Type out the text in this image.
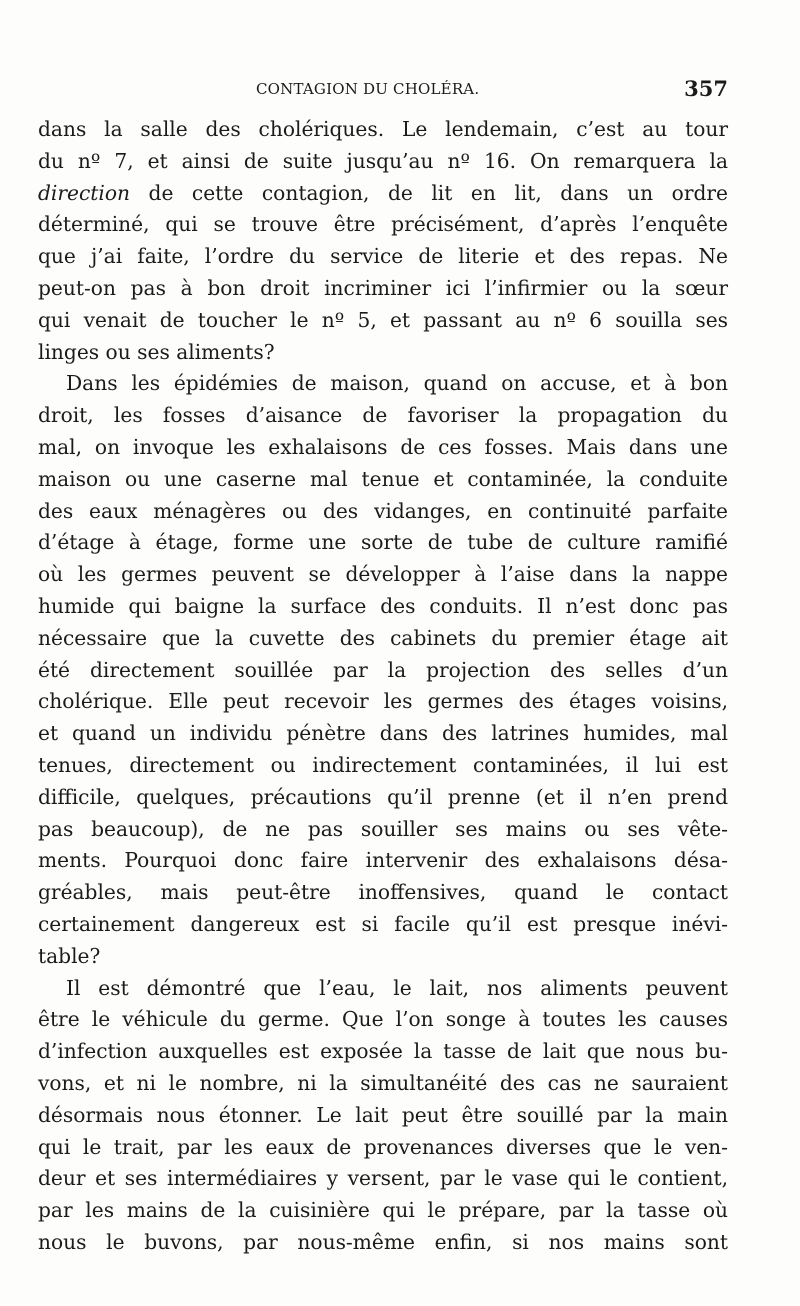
CONTAGION DU CHOLÉRA.	357
dans la salle des cholériques. Le lendemain, c’est au tour
du nº 7, et ainsi de suite jusqu’au nº 16. On remarquera la
direction de cette contagion, de lit en lit, dans un ordre
déterminé, qui se trouve être précisément, d’après l’enquête
que j’ai faite, l’ordre du service de literie et des repas. Ne
peut-on pas à bon droit incriminer ici l’infirmier ou la sœur
qui venait de toucher le nº 5, et passant au nº 6 souilla ses
linges ou ses aliments?
Dans les épidémies de maison, quand on accuse, et à bon
droit, les fosses d’aisance de favoriser la propagation du
mal, on invoque les exhalaisons de ces fosses. Mais dans une
maison ou une caserne mal tenue et contaminée, la conduite
des eaux ménagères ou des vidanges, en continuité parfaite
d’étage à étage, forme une sorte de tube de culture ramifié
où les germes peuvent se développer à l’aise dans la nappe
humide qui baigne la surface des conduits. Il n’est donc pas
nécessaire que la cuvette des cabinets du premier étage ait
été directement souillée par la projection des selles d’un
cholérique. Elle peut recevoir les germes des étages voisins,
et quand un individu pénètre dans des latrines humides, mal
tenues, directement ou indirectement contaminées, il lui est
difficile, quelques, précautions qu’il prenne (et il n’en prend
pas beaucoup), de ne pas souiller ses mains ou ses vête-
ments. Pourquoi donc faire intervenir des exhalaisons désa-
gréables, mais peut-être inoffensives, quand le contact
certainement dangereux est si facile qu’il est presque inévi-
table?
Il est démontré que l’eau, le lait, nos aliments peuvent
être le véhicule du germe. Que l’on songe à toutes les causes
d’infection auxquelles est exposée la tasse de lait que nous bu-
vons, et ni le nombre, ni la simultanéité des cas ne sauraient
désormais nous étonner. Le lait peut être souillé par la main
qui le trait, par les eaux de provenances diverses que le ven-
deur et ses intermédiaires y versent, par le vase qui le contient,
par les mains de la cuisinière qui le prépare, par la tasse où
nous le buvons, par nous-même enfin, si nos mains sont
